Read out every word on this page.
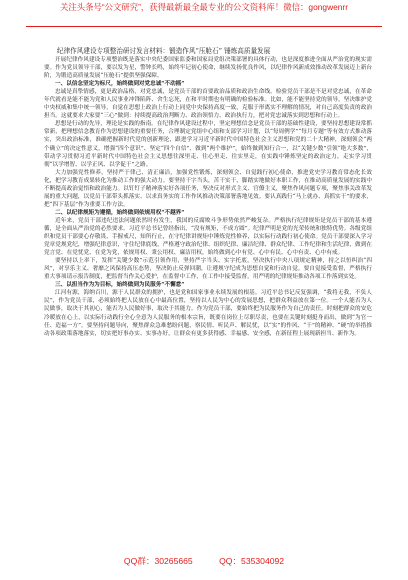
关注头条号“公文研究”，获得最新最全最专业的公文资料库！微信：gongwenrr

纪律作风建设专项整治研讨发言材料：锻造作风“压舱石” 锤炼高质量发展

开展纪律作风建设专项整治既是落实中央纪委国家监委和国家局党组决策部署的具体行动，也是深度推进全面从严治党的现实需要。作为党员领导干部，要以发为星，警钟长鸣，始终牢记初心使命，继续发扬优良作风，以纪律作风新成效推动改革发展迈上新台阶，为锻造高质量发展“压舱石”提供坚强保障。

一、以信念坚定为标尺，始终做到对党忠诚“不动摇”

忠诚是真挚情感，更是政治品格，对党忠诚，是党员干部的首要政治品质和政治生命线。检验党员干部是不是对党忠诚，在革命年代就看是能不能为党和人民事业冲锋陷阵、舍生忘死，在和平时期也有明确的检验标准。比如，能不能坚持党的领导，坚决维护党中央权威和集中统一领导，自觉在思想上政治上行动上同党中央保持高度一致，克服于形离实不理解的情况，对自己高度负责的政治担当。这就要求大家要“三心”做到：持续提高政治判断力、政治领悟力、政治执行力，把对党忠诚落实到思想和行动上。

思想是行动的先导，理论是实践的指南。在纪律作风建设过程中，坚定理想信念是党员干部的基础性建设，要坚持思想建设常抓常新，把理想信念教育作为思想建设的重要任务，合理制定党组中心组和支部学习计划，以“每周例学”“每月专题”等有效方式推动落实，突出政治标准，准确把握新时代党的创新理论，跟进学习习近平新时代中国特色社会主义思想和党的二十大精神，深刻领会“两个确立”的决定性意义，增强“四个意识”、坚定“四个自信”、做到“两个维护”，始终做到知行合一，以“关键少数”引领“绝大多数”，带动学习贯彻习近平新时代中国特色社会主义思想往深里走、往心里走、往实里走，在实践中锤炼坚定的政治定力，走实学习贯彻“以学增智、以学正风、以学促干”之路。

大力加强党性修养，坚持严于律己、清正廉洁，加强党性锻炼，深刻领会、自觉践行初心使命，推进党史学习教育常态化长效化，把学习教育成果转化为推动工作的强大动力。要坚持干字当头，苦干实干，脚踏实地做好本职工作，在推动高质量发展的实践中不断提高政治觉悟和政治能力。以钉钉子精神落实好各项任务，坚决反对形式主义、官僚主义，聚焦作风问题专项，聚焦事关改革发展的重大问题，以党员干部带头抓落实、以求真务实的工作作风推动决策部署落地见效。要认真践行“马上就办、真抓实干”的要求，把“四下基层”作为重要工作方法。

二、以纪律规矩为遵循，始终做到依规用权“不越界”

近年来，党员干部违纪违法问题依然时有发生，我国的反腐败斗争形势依然严峻复杂。严格执行纪律规矩是党员干部的基本遵循，是全面从严治党的必然要求。习近平总书记曾经指出，“没有规矩，不成方圆”。纪律严明是党的光荣传统和独特优势。各级党组织和党员干部要心存敬畏、手握戒尺，知所行止，在守纪律讲规矩中锤炼党性修养，以实际行动践行初心使命。党员干部要深入学习党章党规党纪，增强纪律意识，守住纪律底线，严格遵守政治纪律、组织纪律、廉洁纪律、群众纪律、工作纪律和生活纪律，做到在党言党、在党忧党、在党为党，依规用权、秉公用权、廉洁用权，始终做到心中有党、心中有民、心中有责、心中有戒。

要坚持以上率下，发挥“关键少数”示范引领作用，坚持严字当头、实字托底，坚决执行中央八项规定精神，持之以恒纠治“四风”，对享乐主义、奢靡之风保持高压态势，坚决防止反弹回潮，让遵规守纪成为思想自觉和行动自觉。要自觉接受监督，严格执行重大事项请示报告制度，把监督当作关心爱护，在监督中工作，在工作中接受监督，用严明的纪律规矩推动各项工作落到实处。

三、以担当作为为目标，始终做到为民服务“不懈怠”

江河有源，海纳百川，源于人民群众的拥护，也是党和国家事业永续发展的根基。习近平总书记反复强调，“我将无我，不负人民”，作为党员干部，必须始终把人民放在心中最高位置，坚持以人民为中心的发展思想，把群众利益放在第一位。一个人能否为人民做事，取决于其初心，能否为人民做好事，取决于其能力。作为党员干部，要始终把为民服务作为自己的责任，时刻把群众的安危冷暖放在心上，以实际行动践行全心全意为人民服务的根本宗旨，既要在岗位上尽职尽责，也要在关键时刻挺身而出，做到“为官一任、造福一方”。要坚持问题导向，聚焦群众急难愁盼问题，察民情、听民声、解民忧，以“实”的作风、“干”的精神、“硬”的举措推动各项政策落地落实，切实把好事办实、实事办好，让群众有更多获得感、幸福感、安全感，在新征程上展现新担当、新作为。

QQ群：30265665	QQ：535304092
